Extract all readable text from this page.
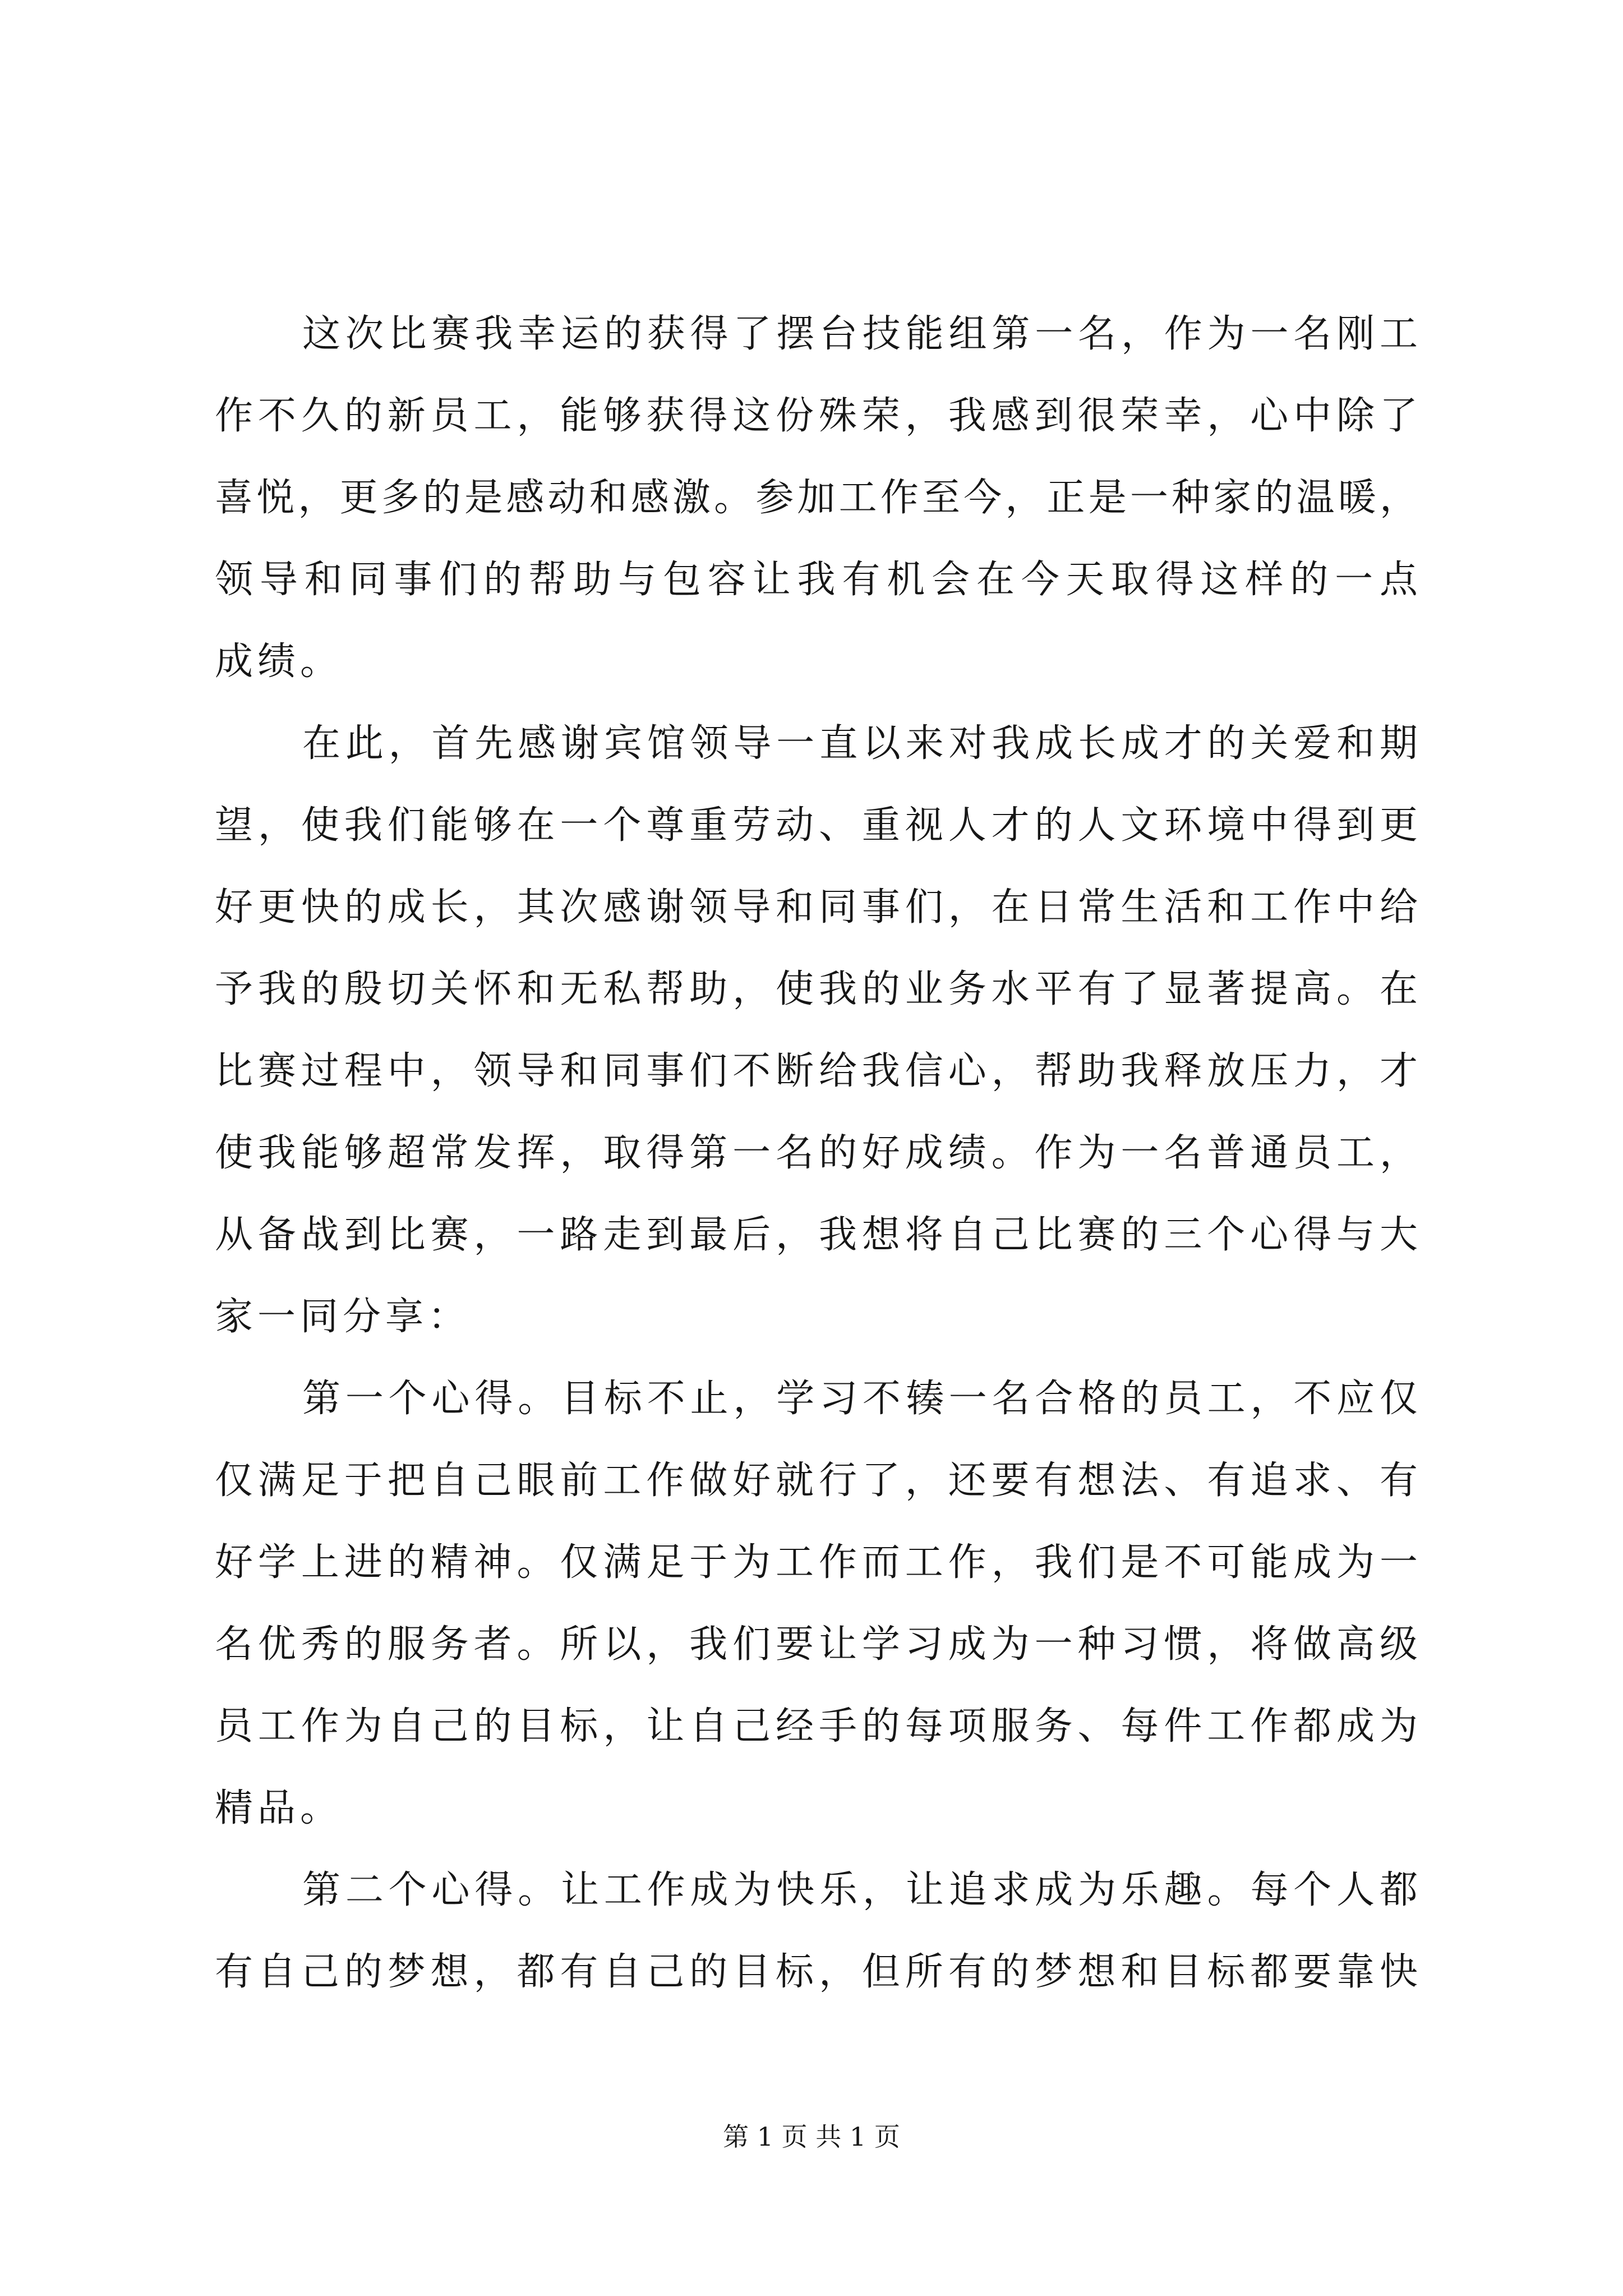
这次比赛我幸运的获得了摆台技能组第一名，作为一名刚工
作不久的新员工，能够获得这份殊荣，我感到很荣幸，心中除了
喜悦，更多的是感动和感激。参加工作至今，正是一种家的温暖，
领导和同事们的帮助与包容让我有机会在今天取得这样的一点
成绩。
在此，首先感谢宾馆领导一直以来对我成长成才的关爱和期
望，使我们能够在一个尊重劳动、重视人才的人文环境中得到更
好更快的成长，其次感谢领导和同事们，在日常生活和工作中给
予我的殷切关怀和无私帮助，使我的业务水平有了显著提高。在
比赛过程中，领导和同事们不断给我信心，帮助我释放压力，才
使我能够超常发挥，取得第一名的好成绩。作为一名普通员工，
从备战到比赛，一路走到最后，我想将自己比赛的三个心得与大
家一同分享：
第一个心得。目标不止，学习不辏一名合格的员工，不应仅
仅满足于把自己眼前工作做好就行了，还要有想法、有追求、有
好学上进的精神。仅满足于为工作而工作，我们是不可能成为一
名优秀的服务者。所以，我们要让学习成为一种习惯，将做高级
员工作为自己的目标，让自己经手的每项服务、每件工作都成为
精品。
第二个心得。让工作成为快乐，让追求成为乐趣。每个人都
有自己的梦想，都有自己的目标，但所有的梦想和目标都要靠快
第 1 页 共 1 页
